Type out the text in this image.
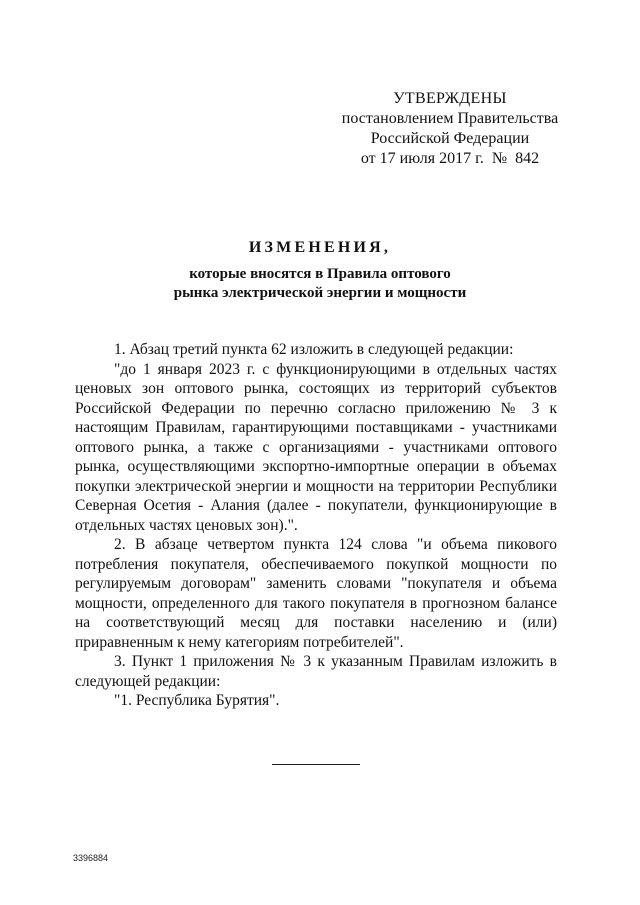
УТВЕРЖДЕНЫ
постановлением Правительства
Российской Федерации
от 17 июля 2017 г.  №  842
ИЗМЕНЕНИЯ,
которые вносятся в Правила оптового
рынка электрической энергии и мощности

1. Абзац третий пункта 62 изложить в следующей редакции:

"до 1 января 2023 г. с функционирующими в отдельных частях ценовых зон оптового рынка, состоящих из территорий субъектов Российской Федерации по перечню согласно приложению № 3 к настоящим Правилам, гарантирующими поставщиками - участниками оптового рынка, а также с организациями - участниками оптового рынка, осуществляющими экспортно-импортные операции в объемах покупки электрической энергии и мощности на территории Республики Северная Осетия - Алания (далее - покупатели, функционирующие в отдельных частях ценовых зон).".

2. В абзаце четвертом пункта 124 слова "и объема пикового потребления покупателя, обеспечиваемого покупкой мощности по регулируемым договорам" заменить словами "покупателя и объема мощности, определенного для такого покупателя в прогнозном балансе на соответствующий месяц для поставки населению и (или) приравненным к нему категориям потребителей".

3. Пункт 1 приложения № 3 к указанным Правилам изложить в следующей редакции:

"1. Республика Бурятия".

3396884
